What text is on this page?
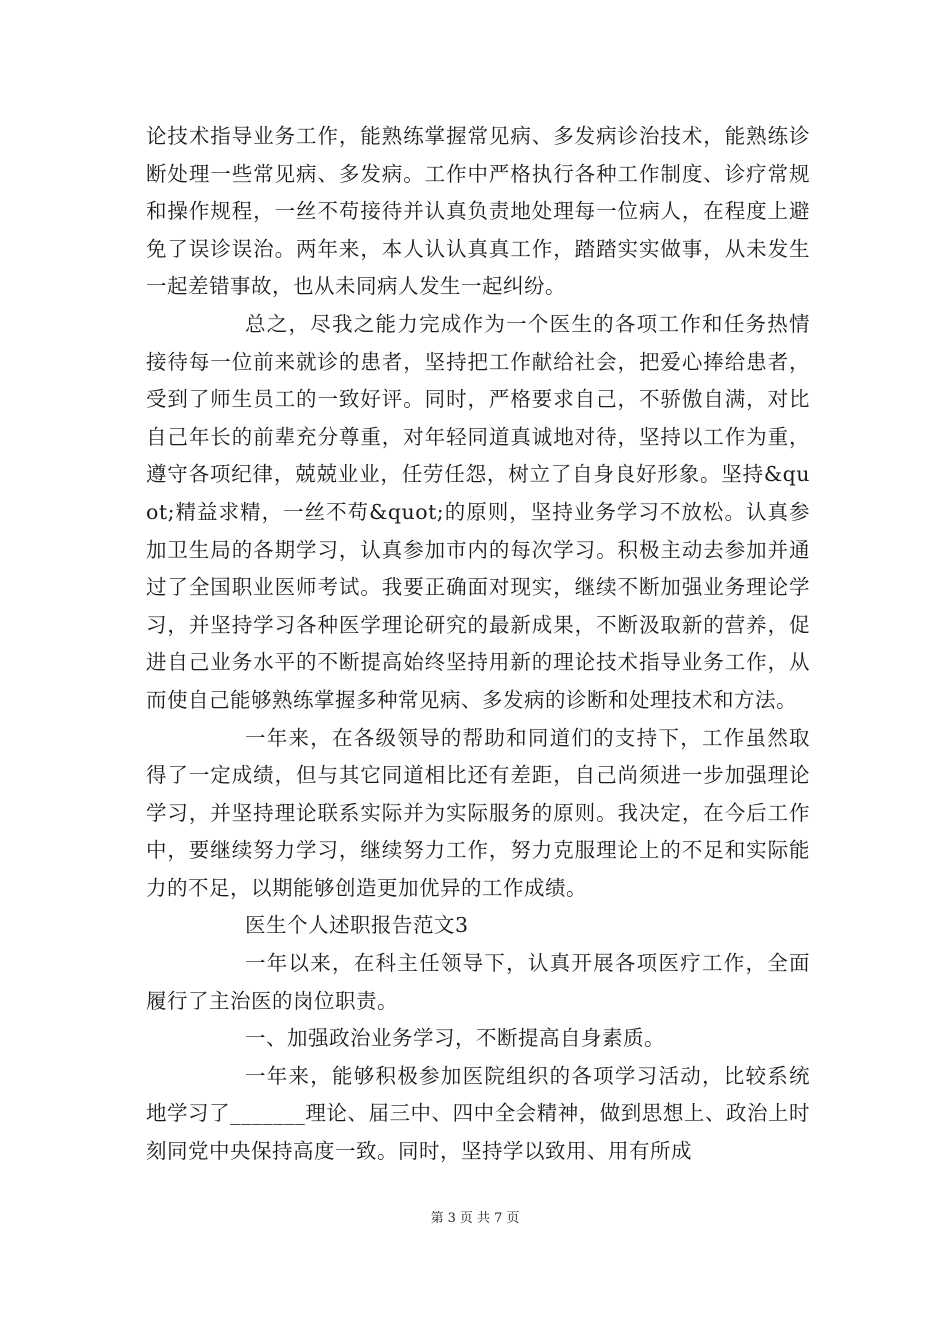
论技术指导业务工作，能熟练掌握常见病、多发病诊治技术，能熟练诊断处理一些常见病、多发病。工作中严格执行各种工作制度、诊疗常规和操作规程，一丝不苟接待并认真负责地处理每一位病人，在程度上避免了误诊误治。两年来，本人认认真真工作，踏踏实实做事，从未发生一起差错事故，也从未同病人发生一起纠纷。

总之，尽我之能力完成作为一个医生的各项工作和任务热情接待每一位前来就诊的患者，坚持把工作献给社会，把爱心捧给患者，受到了师生员工的一致好评。同时，严格要求自己，不骄傲自满，对比自己年长的前辈充分尊重，对年轻同道真诚地对待，坚持以工作为重，遵守各项纪律，兢兢业业，任劳任怨，树立了自身良好形象。坚持&quot;精益求精，一丝不苟&quot;的原则，坚持业务学习不放松。认真参加卫生局的各期学习，认真参加市内的每次学习。积极主动去参加并通过了全国职业医师考试。我要正确面对现实，继续不断加强业务理论学习，并坚持学习各种医学理论研究的最新成果，不断汲取新的营养，促进自己业务水平的不断提高始终坚持用新的理论技术指导业务工作，从而使自己能够熟练掌握多种常见病、多发病的诊断和处理技术和方法。

一年来，在各级领导的帮助和同道们的支持下，工作虽然取得了一定成绩，但与其它同道相比还有差距，自己尚须进一步加强理论学习，并坚持理论联系实际并为实际服务的原则。我决定，在今后工作中，要继续努力学习，继续努力工作，努力克服理论上的不足和实际能力的不足，以期能够创造更加优异的工作成绩。

医生个人述职报告范文3

一年以来，在科主任领导下，认真开展各项医疗工作，全面履行了主治医的岗位职责。

一、加强政治业务学习，不断提高自身素质。

一年来，能够积极参加医院组织的各项学习活动，比较系统地学习了_______理论、届三中、四中全会精神，做到思想上、政治上时刻同党中央保持高度一致。同时，坚持学以致用、用有所成

第 3 页 共 7 页
